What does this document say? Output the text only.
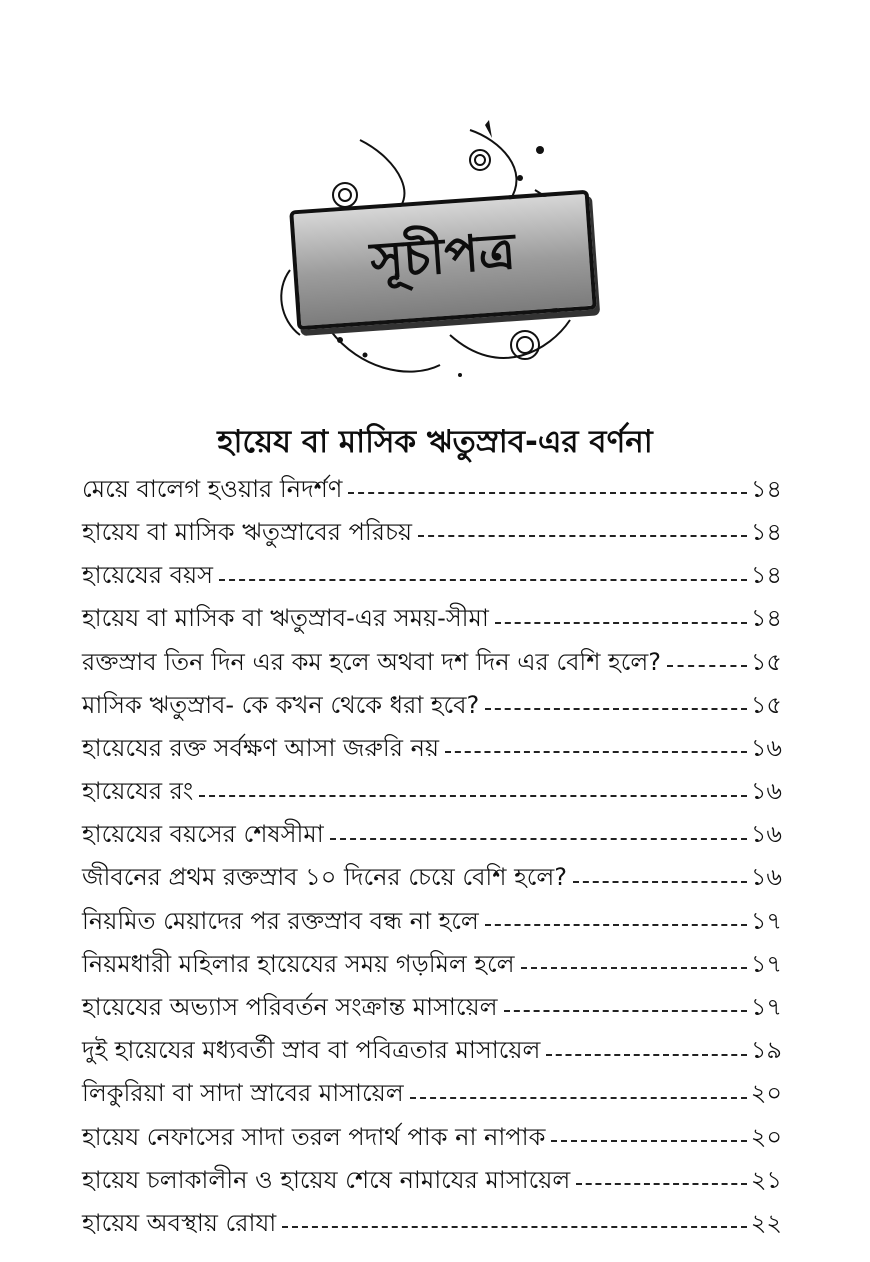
সূচীপত্র
হায়েয বা মাসিক ঋতুস্রাব-এর বর্ণনা
মেয়ে বালেগ হওয়ার নিদর্শণ	১৪
হায়েয বা মাসিক ঋতুস্রাবের পরিচয়	১৪
হায়েযের বয়স	১৪
হায়েয বা মাসিক বা ঋতুস্রাব-এর সময়-সীমা	১৪
রক্তস্রাব তিন দিন এর কম হলে অথবা দশ দিন এর বেশি হলে?	১৫
মাসিক ঋতুস্রাব- কে কখন থেকে ধরা হবে?	১৫
হায়েযের রক্ত সর্বক্ষণ আসা জরুরি নয়	১৬
হায়েযের রং	১৬
হায়েযের বয়সের শেষসীমা	১৬
জীবনের প্রথম রক্তস্রাব ১০ দিনের চেয়ে বেশি হলে?	১৬
নিয়মিত মেয়াদের পর রক্তস্রাব বন্ধ না হলে	১৭
নিয়মধারী মহিলার হায়েযের সময় গড়মিল হলে	১৭
হায়েযের অভ্যাস পরিবর্তন সংক্রান্ত মাসায়েল	১৭
দুই হায়েযের মধ্যবর্তী স্রাব বা পবিত্রতার মাসায়েল	১৯
লিকুরিয়া বা সাদা স্রাবের মাসায়েল	২০
হায়েয নেফাসের সাদা তরল পদার্থ পাক না নাপাক	২০
হায়েয চলাকালীন ও হায়েয শেষে নামাযের মাসায়েল	২১
হায়েয অবস্থায় রোযা	২২
